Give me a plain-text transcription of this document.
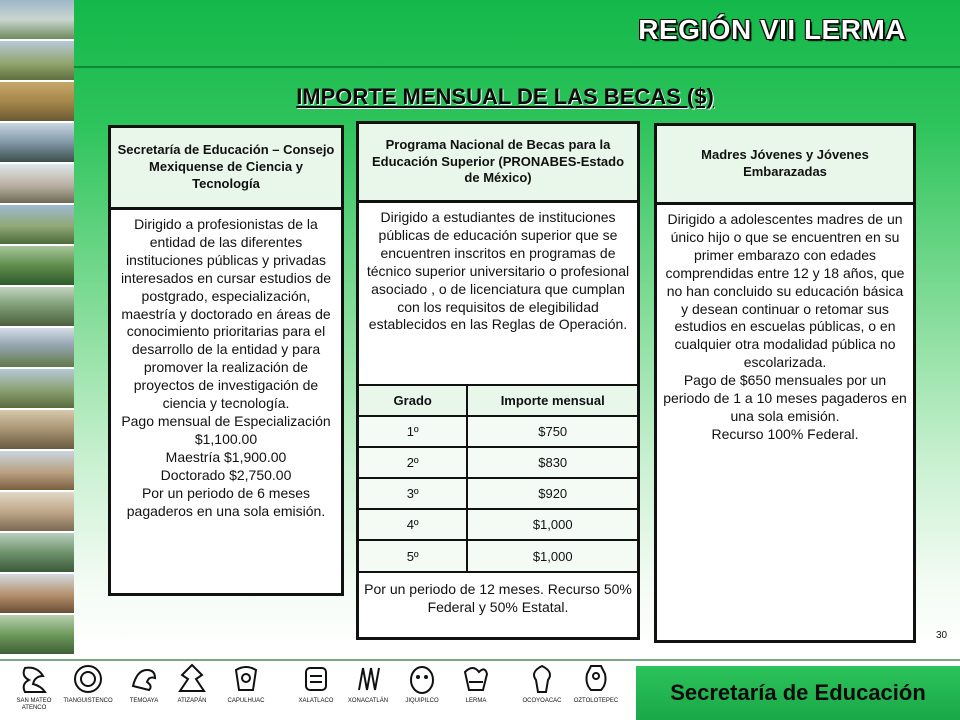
REGIÓN VII LERMA
IMPORTE MENSUAL DE LAS BECAS ($)
Secretaría de Educación – Consejo Mexiquense de Ciencia y Tecnología
Dirigido a profesionistas de la entidad de las diferentes instituciones públicas y privadas interesados en cursar estudios de postgrado, especialización, maestría y doctorado en áreas de conocimiento prioritarias para el desarrollo de la entidad y para promover la realización de proyectos de investigación de ciencia y tecnología.
Pago mensual de Especialización $1,100.00
Maestría $1,900.00
Doctorado $2,750.00
Por un periodo de 6 meses pagaderos en una sola emisión.
Programa Nacional de Becas para la Educación Superior (PRONABES-Estado de México)
Dirigido a estudiantes de instituciones públicas de educación superior que se encuentren inscritos en programas de técnico superior universitario o profesional asociado , o de licenciatura que cumplan con los requisitos de elegibilidad establecidos en las Reglas de Operación.
Grado	Importe mensual
1º	$750
2º	$830
3º	$920
4º	$1,000
5º	$1,000
Por un periodo de 12 meses. Recurso 50% Federal y 50% Estatal.
Madres Jóvenes y Jóvenes Embarazadas
Dirigido a adolescentes madres de un único hijo o que se encuentren en su primer embarazo con edades comprendidas entre 12 y 18 años, que no han concluido su educación básica y desean continuar o retomar sus estudios en escuelas públicas, o en cualquier otra modalidad pública no escolarizada.
Pago de $650 mensuales por un periodo de 1 a 10 meses pagaderos en una sola emisión.
Recurso 100% Federal.
30
SAN MATEO ATENCO
TIANGUISTENCO	TEMOAYA	ATIZAPÁN	CAPULHUAC	XALATLACO	XONACATLÁN	JIQUIPILCO	LERMA	OCOYOACAC	OZTOLOTEPEC	Secretaría de Educación
